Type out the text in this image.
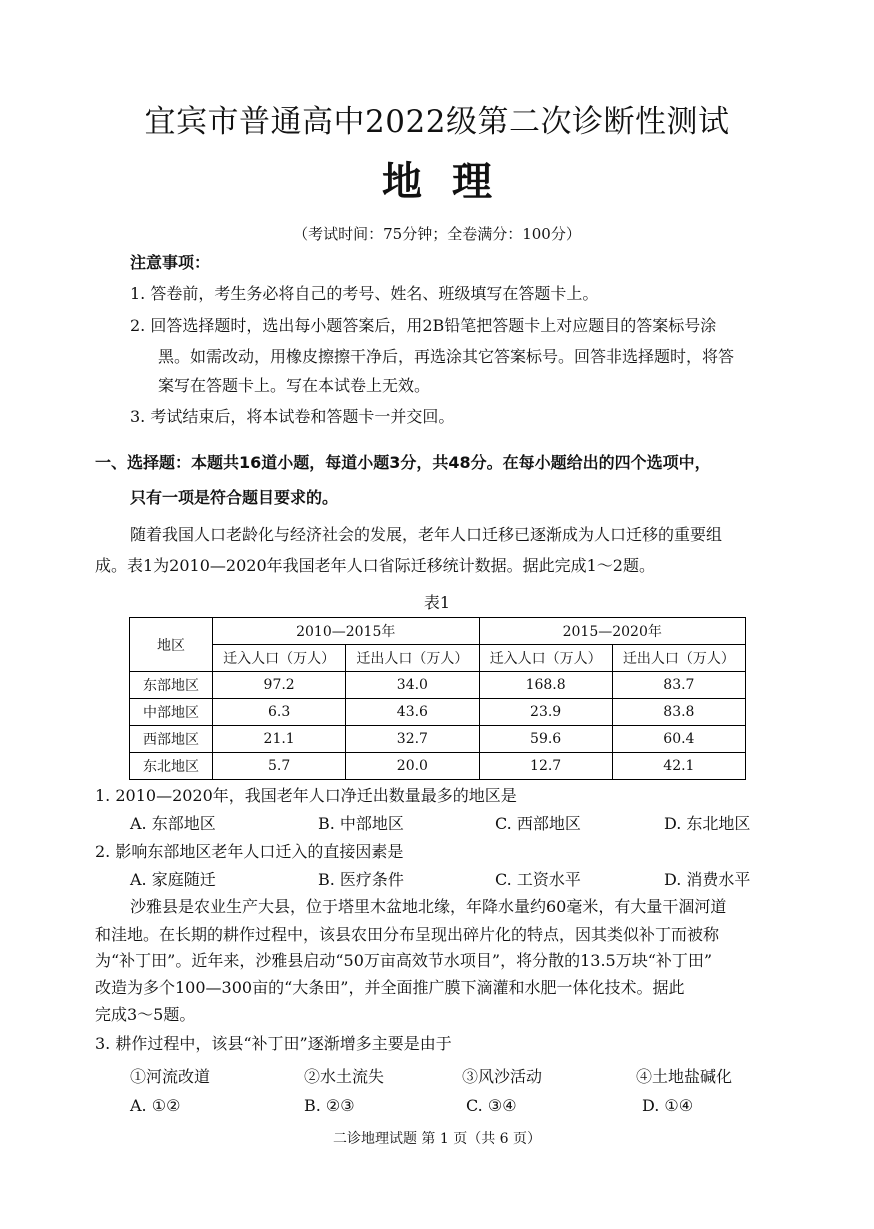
宜宾市普通高中2022级第二次诊断性测试
地理
（考试时间：75分钟；全卷满分：100分）
注意事项：
1. 答卷前，考生务必将自己的考号、姓名、班级填写在答题卡上。
2. 回答选择题时，选出每小题答案后，用2B铅笔把答题卡上对应题目的答案标号涂
黑。如需改动，用橡皮擦擦干净后，再选涂其它答案标号。回答非选择题时，将答
案写在答题卡上。写在本试卷上无效。
3. 考试结束后，将本试卷和答题卡一并交回。
一、选择题：本题共16道小题，每道小题3分，共48分。在每小题给出的四个选项中，
只有一项是符合题目要求的。
随着我国人口老龄化与经济社会的发展，老年人口迁移已逐渐成为人口迁移的重要组
成。表1为2010—2020年我国老年人口省际迁移统计数据。据此完成1～2题。
表1
地区	2010—2015年		2015—2020年	
	迁入人口（万人）	迁出人口（万人）	迁入人口（万人）	迁出人口（万人）
东部地区	97.2	34.0	168.8	83.7
中部地区	6.3	43.6	23.9	83.8
西部地区	21.1	32.7	59.6	60.4
东北地区	5.7	20.0	12.7	42.1
1. 2010—2020年，我国老年人口净迁出数量最多的地区是
A. 东部地区	B. 中部地区	C. 西部地区	D. 东北地区
2. 影响东部地区老年人口迁入的直接因素是
A. 家庭随迁	B. 医疗条件	C. 工资水平	D. 消费水平
沙雅县是农业生产大县，位于塔里木盆地北缘，年降水量约60毫米，有大量干涸河道
和洼地。在长期的耕作过程中，该县农田分布呈现出碎片化的特点，因其类似补丁而被称
为“补丁田”。近年来，沙雅县启动“50万亩高效节水项目”，将分散的13.5万块“补丁田”
改造为多个100—300亩的“大条田”，并全面推广膜下滴灌和水肥一体化技术。据此
完成3～5题。
3. 耕作过程中，该县“补丁田”逐渐增多主要是由于
①河流改道	②水土流失	③风沙活动	④土地盐碱化
A. ①②	B. ②③	C. ③④	D. ①④
二诊地理试题 第 1 页（共 6 页）
